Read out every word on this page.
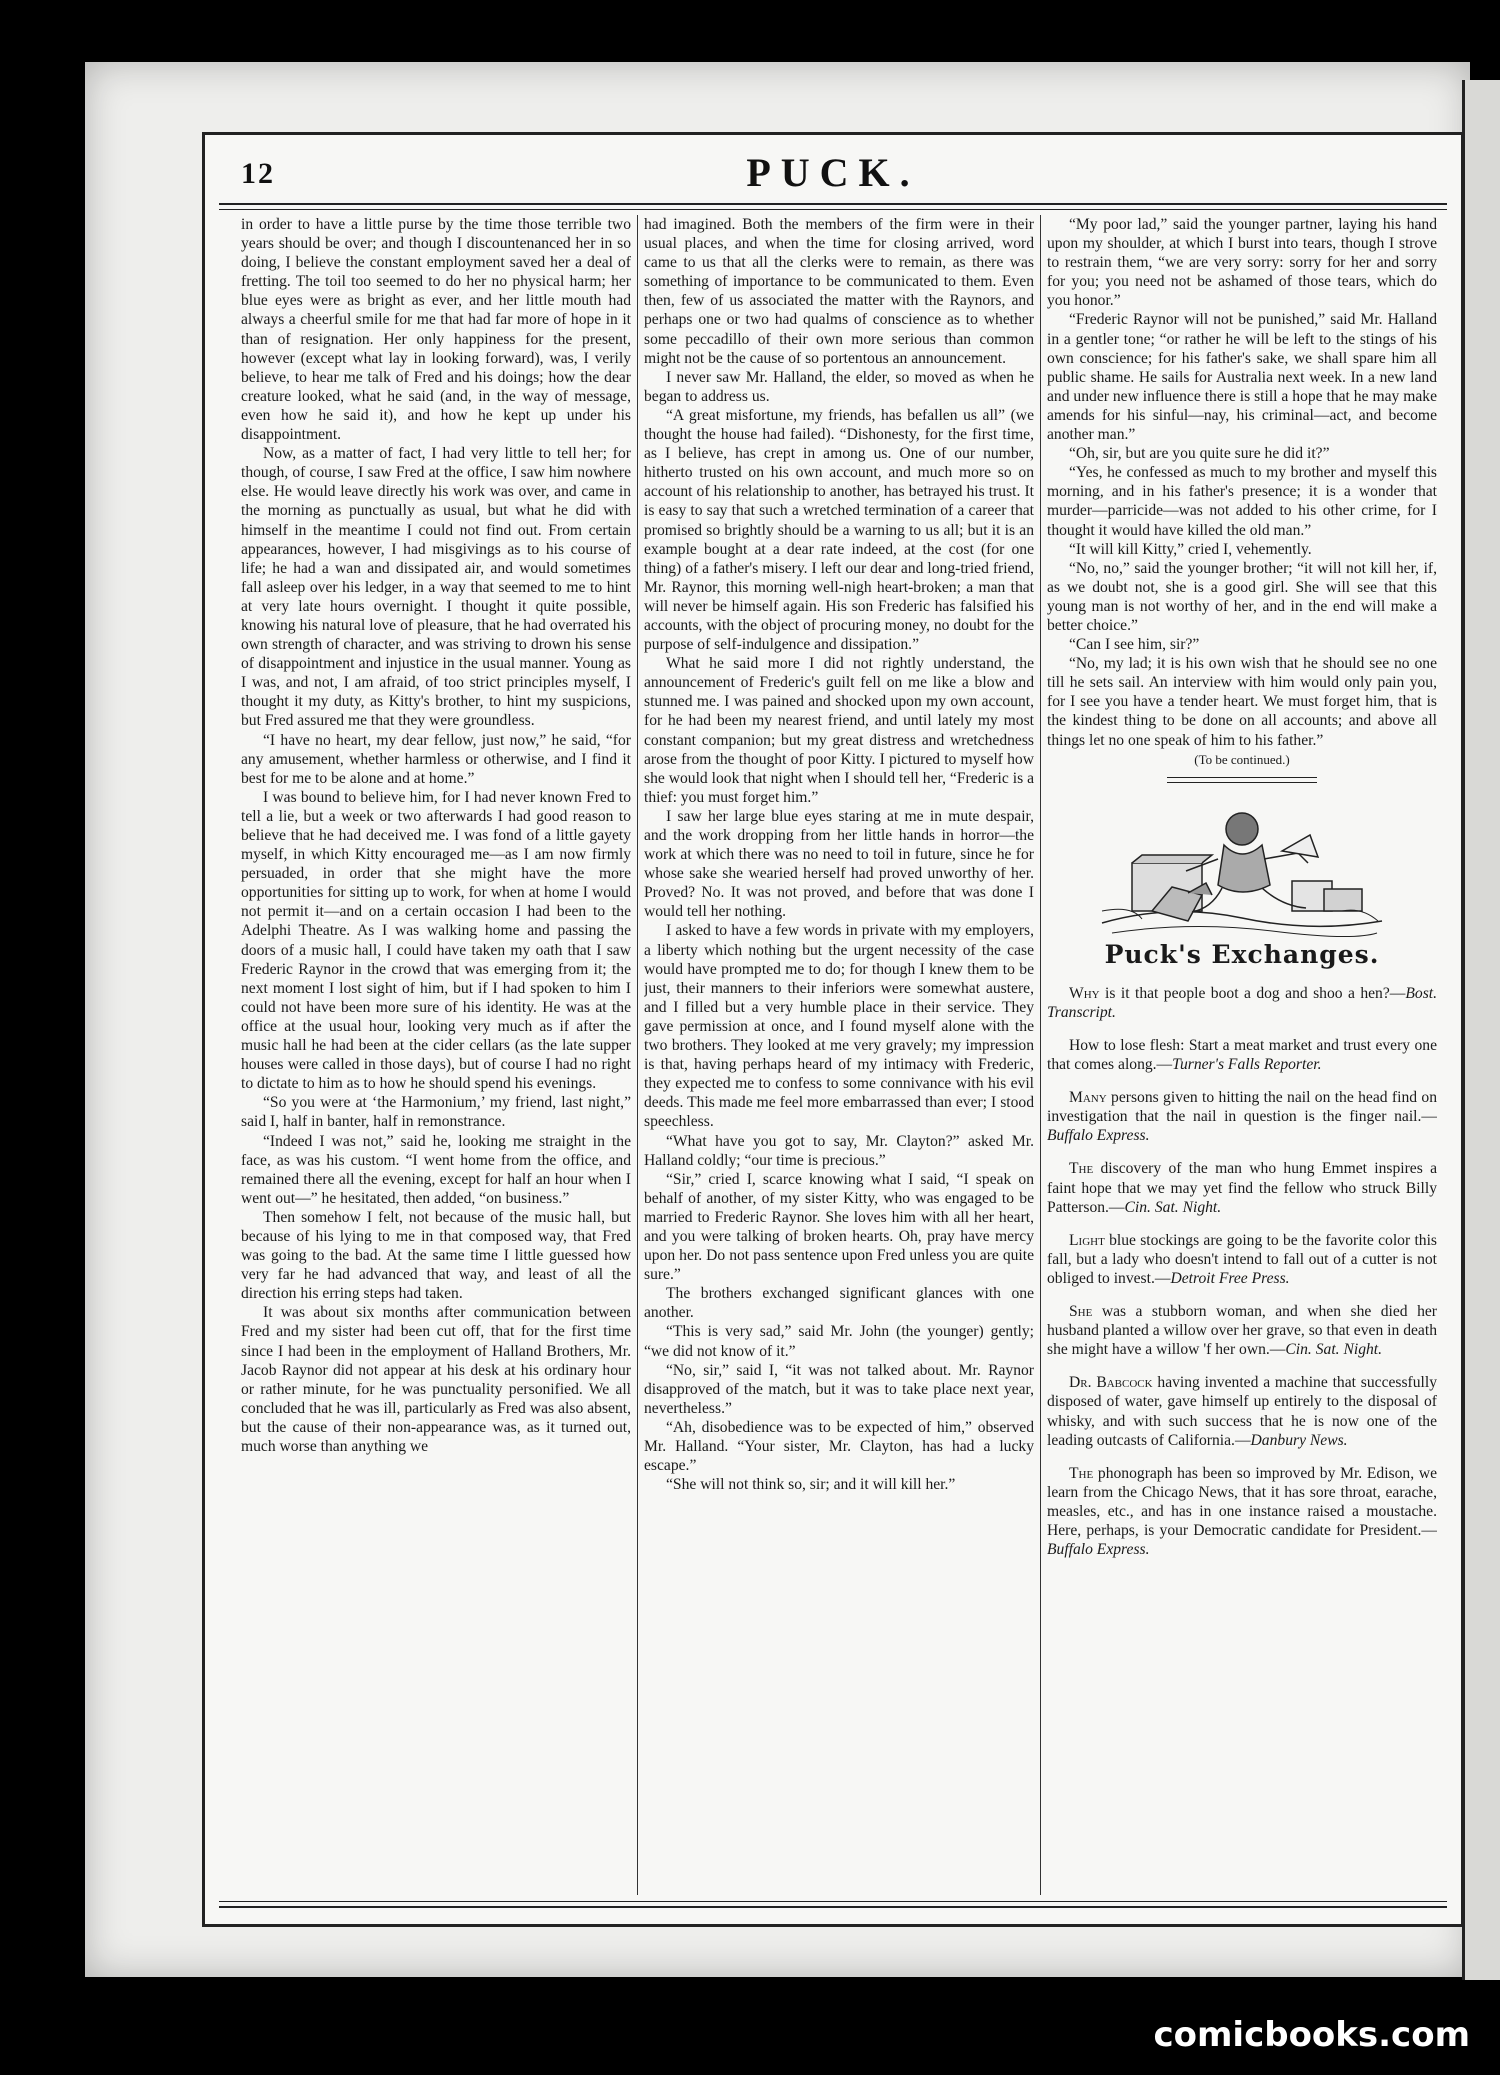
12	PUCK.

in order to have a little purse by the time those terrible two years should be over; and though I discountenanced her in so doing, I believe the constant employment saved her a deal of fretting. The toil too seemed to do her no physical harm; her blue eyes were as bright as ever, and her little mouth had always a cheerful smile for me that had far more of hope in it than of resignation. Her only happiness for the present, however (except what lay in looking forward), was, I verily believe, to hear me talk of Fred and his doings; how the dear creature looked, what he said (and, in the way of message, even how he said it), and how he kept up under his disappointment.

Now, as a matter of fact, I had very little to tell her; for though, of course, I saw Fred at the office, I saw him nowhere else. He would leave directly his work was over, and came in the morning as punctually as usual, but what he did with himself in the meantime I could not find out. From certain appearances, however, I had misgivings as to his course of life; he had a wan and dissipated air, and would sometimes fall asleep over his ledger, in a way that seemed to me to hint at very late hours overnight. I thought it quite possible, knowing his natural love of pleasure, that he had overrated his own strength of character, and was striving to drown his sense of disappointment and injustice in the usual manner. Young as I was, and not, I am afraid, of too strict principles myself, I thought it my duty, as Kitty's brother, to hint my suspicions, but Fred assured me that they were groundless.

“I have no heart, my dear fellow, just now,” he said, “for any amusement, whether harmless or otherwise, and I find it best for me to be alone and at home.”

I was bound to believe him, for I had never known Fred to tell a lie, but a week or two afterwards I had good reason to believe that he had deceived me. I was fond of a little gayety myself, in which Kitty encouraged me—as I am now firmly persuaded, in order that she might have the more opportunities for sitting up to work, for when at home I would not permit it—and on a certain occasion I had been to the Adelphi Theatre. As I was walking home and passing the doors of a music hall, I could have taken my oath that I saw Frederic Raynor in the crowd that was emerging from it; the next moment I lost sight of him, but if I had spoken to him I could not have been more sure of his identity. He was at the office at the usual hour, looking very much as if after the music hall he had been at the cider cellars (as the late supper houses were called in those days), but of course I had no right to dictate to him as to how he should spend his evenings.

“So you were at ‘the Harmonium,’ my friend, last night,” said I, half in banter, half in remonstrance.

“Indeed I was not,” said he, looking me straight in the face, as was his custom. “I went home from the office, and remained there all the evening, except for half an hour when I went out—” he hesitated, then added, “on business.”

Then somehow I felt, not because of the music hall, but because of his lying to me in that composed way, that Fred was going to the bad. At the same time I little guessed how very far he had advanced that way, and least of all the direction his erring steps had taken.

It was about six months after communication between Fred and my sister had been cut off, that for the first time since I had been in the employment of Halland Brothers, Mr. Jacob Raynor did not appear at his desk at his ordinary hour or rather minute, for he was punctuality personified. We all concluded that he was ill, particularly as Fred was also absent, but the cause of their non-appearance was, as it turned out, much worse than anything we

had imagined. Both the members of the firm were in their usual places, and when the time for closing arrived, word came to us that all the clerks were to remain, as there was something of importance to be communicated to them. Even then, few of us associated the matter with the Raynors, and perhaps one or two had qualms of conscience as to whether some peccadillo of their own more serious than common might not be the cause of so portentous an announcement.

I never saw Mr. Halland, the elder, so moved as when he began to address us.

“A great misfortune, my friends, has befallen us all” (we thought the house had failed). “Dishonesty, for the first time, as I believe, has crept in among us. One of our number, hitherto trusted on his own account, and much more so on account of his relationship to another, has betrayed his trust. It is easy to say that such a wretched termination of a career that promised so brightly should be a warning to us all; but it is an example bought at a dear rate indeed, at the cost (for one thing) of a father's misery. I left our dear and long-tried friend, Mr. Raynor, this morning well-nigh heart-broken; a man that will never be himself again. His son Frederic has falsified his accounts, with the object of procuring money, no doubt for the purpose of self-indulgence and dissipation.”

What he said more I did not rightly understand, the announcement of Frederic's guilt fell on me like a blow and stunned me. I was pained and shocked upon my own account, for he had been my nearest friend, and until lately my most constant companion; but my great distress and wretchedness arose from the thought of poor Kitty. I pictured to myself how she would look that night when I should tell her, “Frederic is a thief: you must forget him.”

I saw her large blue eyes staring at me in mute despair, and the work dropping from her little hands in horror—the work at which there was no need to toil in future, since he for whose sake she wearied herself had proved unworthy of her. Proved? No. It was not proved, and before that was done I would tell her nothing.

I asked to have a few words in private with my employers, a liberty which nothing but the urgent necessity of the case would have prompted me to do; for though I knew them to be just, their manners to their inferiors were somewhat austere, and I filled but a very humble place in their service. They gave permission at once, and I found myself alone with the two brothers. They looked at me very gravely; my impression is that, having perhaps heard of my intimacy with Frederic, they expected me to confess to some connivance with his evil deeds. This made me feel more embarrassed than ever; I stood speechless.

“What have you got to say, Mr. Clayton?” asked Mr. Halland coldly; “our time is precious.”

“Sir,” cried I, scarce knowing what I said, “I speak on behalf of another, of my sister Kitty, who was engaged to be married to Frederic Raynor. She loves him with all her heart, and you were talking of broken hearts. Oh, pray have mercy upon her. Do not pass sentence upon Fred unless you are quite sure.”

The brothers exchanged significant glances with one another.

“This is very sad,” said Mr. John (the younger) gently; “we did not know of it.”

“No, sir,” said I, “it was not talked about. Mr. Raynor disapproved of the match, but it was to take place next year, nevertheless.”

“Ah, disobedience was to be expected of him,” observed Mr. Halland. “Your sister, Mr. Clayton, has had a lucky escape.”

“She will not think so, sir; and it will kill her.”

“My poor lad,” said the younger partner, laying his hand upon my shoulder, at which I burst into tears, though I strove to restrain them, “we are very sorry: sorry for her and sorry for you; you need not be ashamed of those tears, which do you honor.”

“Frederic Raynor will not be punished,” said Mr. Halland in a gentler tone; “or rather he will be left to the stings of his own conscience; for his father's sake, we shall spare him all public shame. He sails for Australia next week. In a new land and under new influence there is still a hope that he may make amends for his sinful—nay, his criminal—act, and become another man.”

“Oh, sir, but are you quite sure he did it?”

“Yes, he confessed as much to my brother and myself this morning, and in his father's presence; it is a wonder that murder—parricide—was not added to his other crime, for I thought it would have killed the old man.”

“It will kill Kitty,” cried I, vehemently.

“No, no,” said the younger brother; “it will not kill her, if, as we doubt not, she is a good girl. She will see that this young man is not worthy of her, and in the end will make a better choice.”

“Can I see him, sir?”

“No, my lad; it is his own wish that he should see no one till he sets sail. An interview with him would only pain you, for I see you have a tender heart. We must forget him, that is the kindest thing to be done on all accounts; and above all things let no one speak of him to his father.”

(To be continued.)

Puck's Exchanges.

Why is it that people boot a dog and shoo a hen?—Bost. Transcript.

How to lose flesh: Start a meat market and trust every one that comes along.—Turner's Falls Reporter.

Many persons given to hitting the nail on the head find on investigation that the nail in question is the finger nail.—Buffalo Express.

The discovery of the man who hung Emmet inspires a faint hope that we may yet find the fellow who struck Billy Patterson.—Cin. Sat. Night.

Light blue stockings are going to be the favorite color this fall, but a lady who doesn't intend to fall out of a cutter is not obliged to invest.—Detroit Free Press.

She was a stubborn woman, and when she died her husband planted a willow over her grave, so that even in death she might have a willow 'f her own.—Cin. Sat. Night.

Dr. Babcock having invented a machine that successfully disposed of water, gave himself up entirely to the disposal of whisky, and with such success that he is now one of the leading outcasts of California.—Danbury News.

The phonograph has been so improved by Mr. Edison, we learn from the Chicago News, that it has sore throat, earache, measles, etc., and has in one instance raised a moustache. Here, perhaps, is your Democratic candidate for President.—Buffalo Express.

comicbooks.com
